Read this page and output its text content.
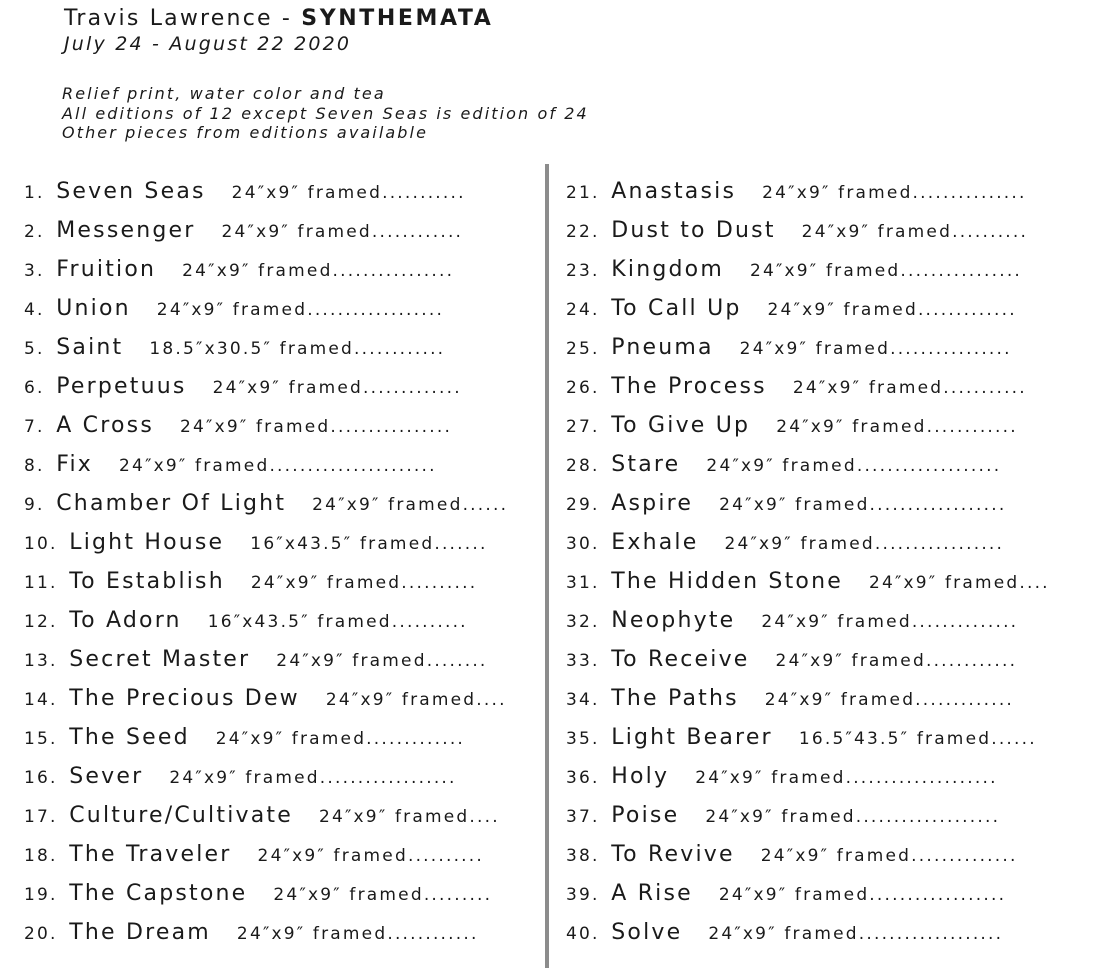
Travis Lawrence - SYNTHEMATA
July 24 - August 22 2020
Relief print, water color and tea
All editions of 12 except Seven Seas is edition of 24
Other pieces from editions available
1. Seven Seas 24″x9″ framed...........
2. Messenger 24″x9″ framed............
3. Fruition 24″x9″ framed................
4. Union 24″x9″ framed..................
5. Saint 18.5″x30.5″ framed............
6. Perpetuus 24″x9″ framed.............
7. A Cross 24″x9″ framed................
8. Fix 24″x9″ framed......................
9. Chamber Of Light 24″x9″ framed......
10. Light House 16″x43.5″ framed.......
11. To Establish 24″x9″ framed..........
12. To Adorn 16″x43.5″ framed..........
13. Secret Master 24″x9″ framed........
14. The Precious Dew 24″x9″ framed....
15. The Seed 24″x9″ framed.............
16. Sever 24″x9″ framed..................
17. Culture/Cultivate 24″x9″ framed....
18. The Traveler 24″x9″ framed..........
19. The Capstone 24″x9″ framed.........
20. The Dream 24″x9″ framed............
21. Anastasis 24″x9″ framed...............
22. Dust to Dust 24″x9″ framed..........
23. Kingdom 24″x9″ framed................
24. To Call Up 24″x9″ framed.............
25. Pneuma 24″x9″ framed................
26. The Process 24″x9″ framed...........
27. To Give Up 24″x9″ framed............
28. Stare 24″x9″ framed...................
29. Aspire 24″x9″ framed..................
30. Exhale 24″x9″ framed.................
31. The Hidden Stone 24″x9″ framed....
32. Neophyte 24″x9″ framed..............
33. To Receive 24″x9″ framed............
34. The Paths 24″x9″ framed.............
35. Light Bearer 16.5″43.5″ framed......
36. Holy 24″x9″ framed....................
37. Poise 24″x9″ framed...................
38. To Revive 24″x9″ framed..............
39. A Rise 24″x9″ framed..................
40. Solve 24″x9″ framed...................
